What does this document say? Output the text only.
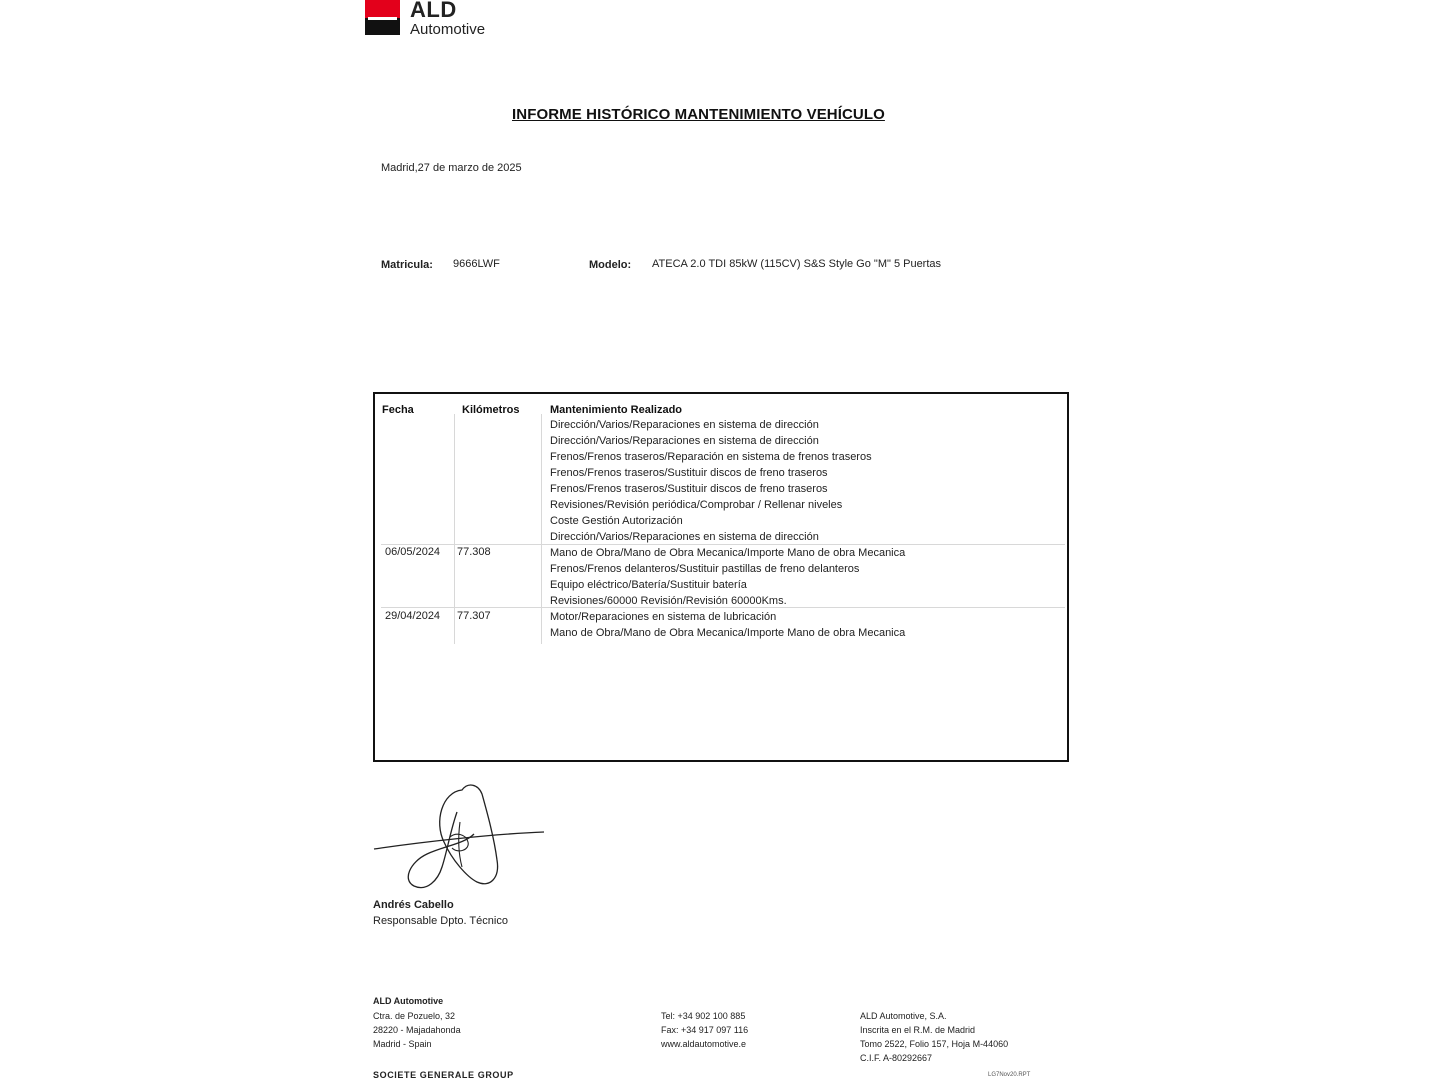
ALD
Automotive
INFORME HISTÓRICO MANTENIMIENTO VEHÍCULO
Madrid,27 de marzo de 2025
Matricula: 9666LWF	Modelo: ATECA 2.0 TDI 85kW (115CV) S&S Style Go "M" 5 Puertas
Fecha	Kilómetros	Mantenimiento Realizado
Dirección/Varios/Reparaciones en sistema de dirección
Dirección/Varios/Reparaciones en sistema de dirección
Frenos/Frenos traseros/Reparación en sistema de frenos traseros
Frenos/Frenos traseros/Sustituir discos de freno traseros
Frenos/Frenos traseros/Sustituir discos de freno traseros
Revisiones/Revisión periódica/Comprobar / Rellenar niveles
Coste Gestión Autorización
Dirección/Varios/Reparaciones en sistema de dirección
06/05/2024 77.308	Mano de Obra/Mano de Obra Mecanica/Importe Mano de obra Mecanica
Frenos/Frenos delanteros/Sustituir pastillas de freno delanteros
Equipo eléctrico/Batería/Sustituir batería
Revisiones/60000 Revisión/Revisión 60000Kms.
29/04/2024 77.307	Motor/Reparaciones en sistema de lubricación
Mano de Obra/Mano de Obra Mecanica/Importe Mano de obra Mecanica
Andrés Cabello
Responsable Dpto. Técnico
ALD Automotive
Ctra. de Pozuelo, 32
28220 - Majadahonda
Madrid - Spain
Tel: +34 902 100 885
Fax: +34 917 097 116
www.aldautomotive.e
ALD Automotive, S.A.
Inscrita en el R.M. de Madrid
Tomo 2522, Folio 157, Hoja M-44060
C.I.F. A-80292667
SOCIETE GENERALE GROUP	LG7Nov20.RPT
